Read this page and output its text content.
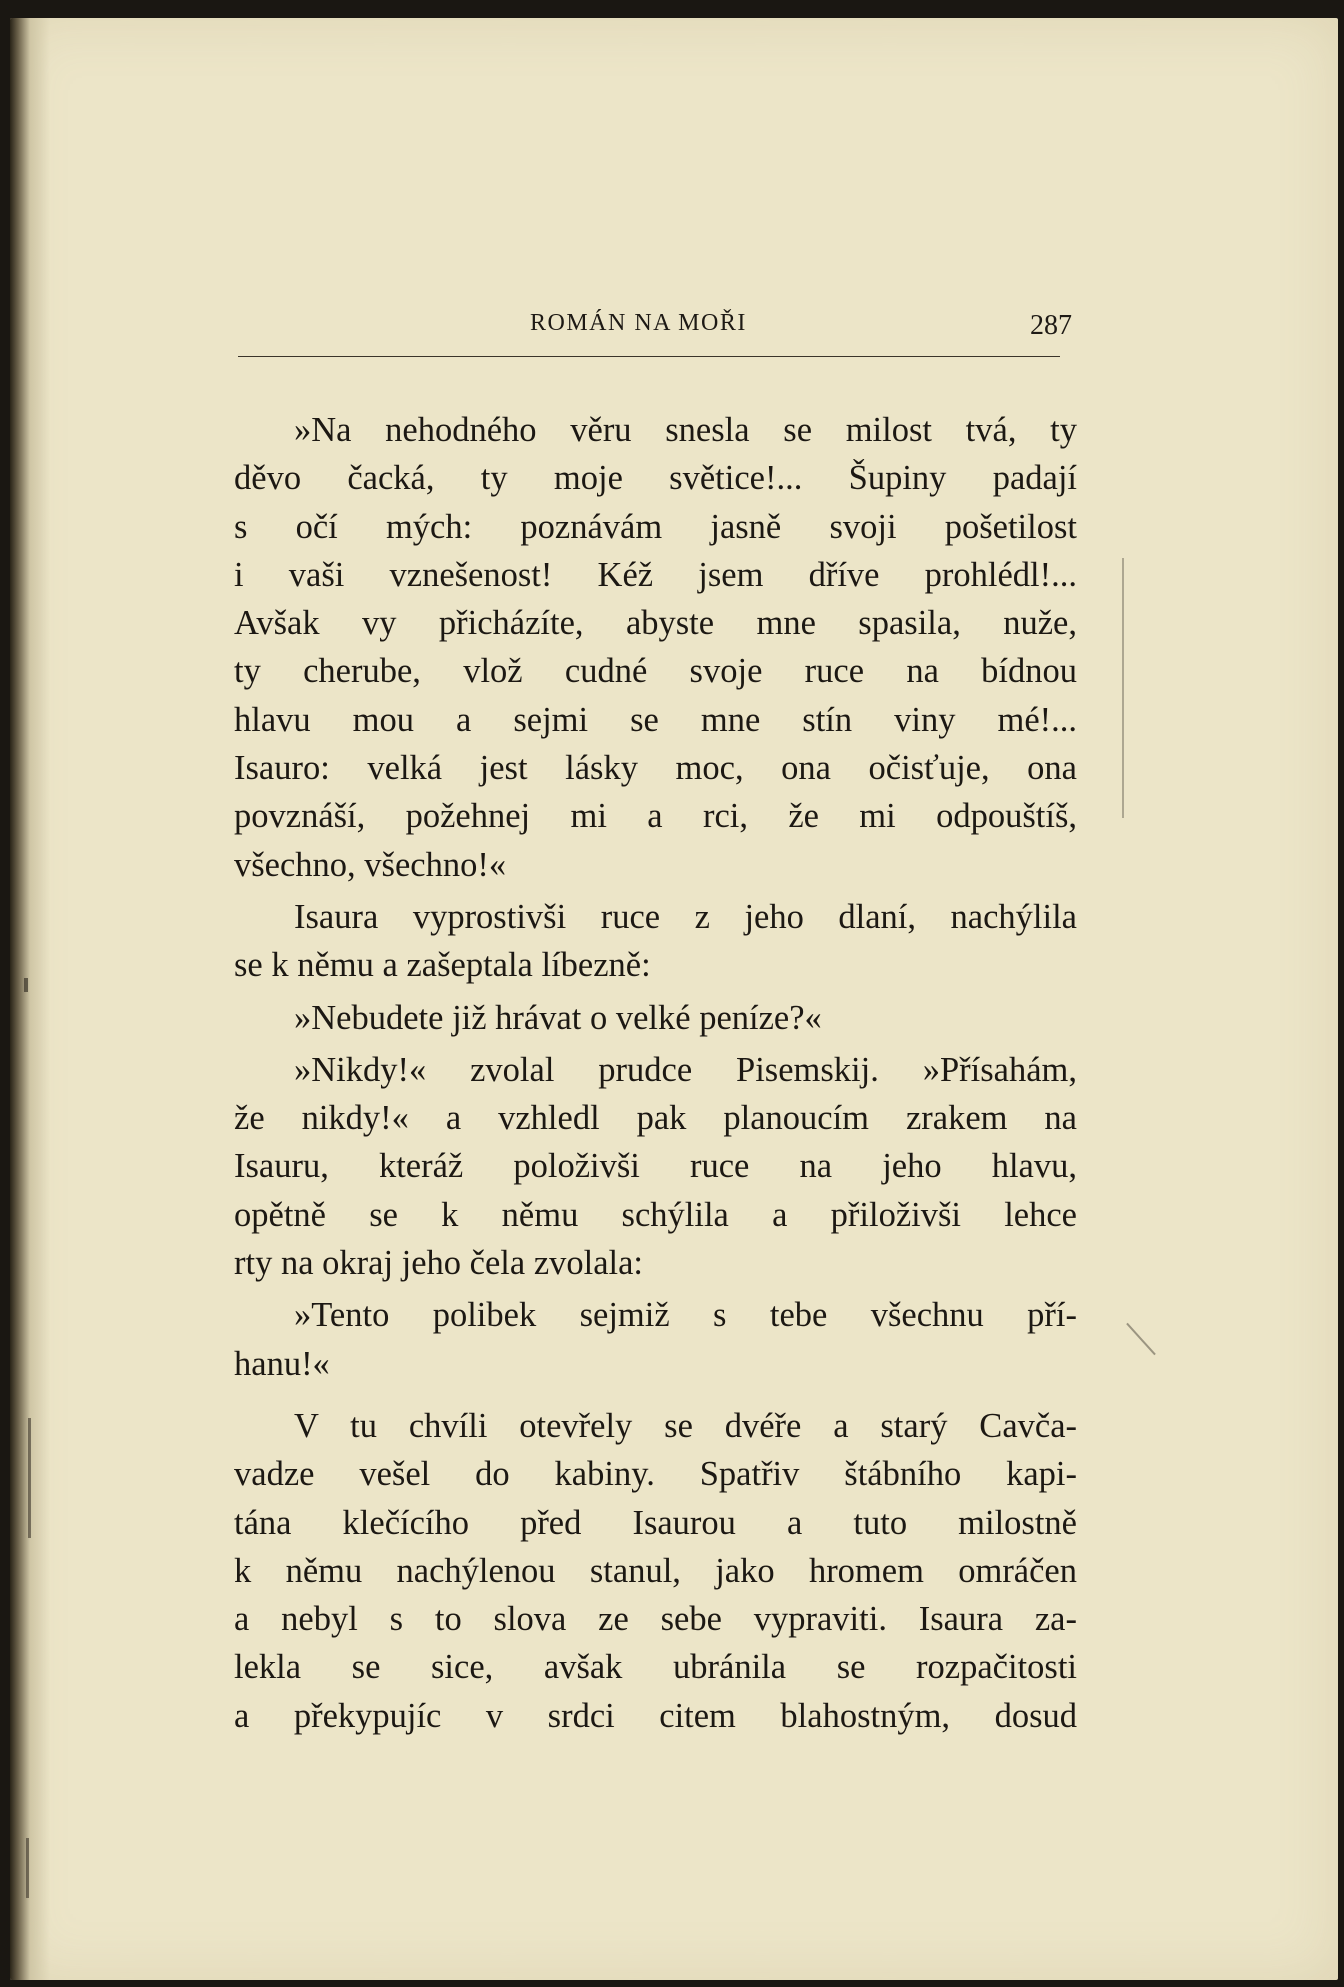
ROMÁN NA MOŘI	287
»Na nehodného věru snesla se milost tvá, ty
děvo čacká, ty moje světice!... Šupiny padají
s očí mých: poznávám jasně svoji pošetilost
i vaši vznešenost! Kéž jsem dříve prohlédl!...
Avšak vy přicházíte, abyste mne spasila, nuže,
ty cherube, vlož cudné svoje ruce na bídnou
hlavu mou a sejmi se mne stín viny mé!...
Isauro: velká jest lásky moc, ona očisťuje, ona
povznáší, požehnej mi a rci, že mi odpouštíš,
všechno, všechno!«
Isaura vyprostivši ruce z jeho dlaní, nachýlila
se k němu a zašeptala líbezně:
»Nebudete již hrávat o velké peníze?«
»Nikdy!« zvolal prudce Pisemskij. »Přísahám,
že nikdy!« a vzhledl pak planoucím zrakem na
Isauru, kteráž položivši ruce na jeho hlavu,
opětně se k němu schýlila a přiloživši lehce
rty na okraj jeho čela zvolala:
»Tento polibek sejmiž s tebe všechnu pří-
hanu!«
V tu chvíli otevřely se dvéře a starý Cavča-
vadze vešel do kabiny. Spatřiv štábního kapi-
tána klečícího před Isaurou a tuto milostně
k němu nachýlenou stanul, jako hromem omráčen
a nebyl s to slova ze sebe vypraviti. Isaura za-
lekla se sice, avšak ubránila se rozpačitosti
a překypujíc v srdci citem blahostným, dosud
